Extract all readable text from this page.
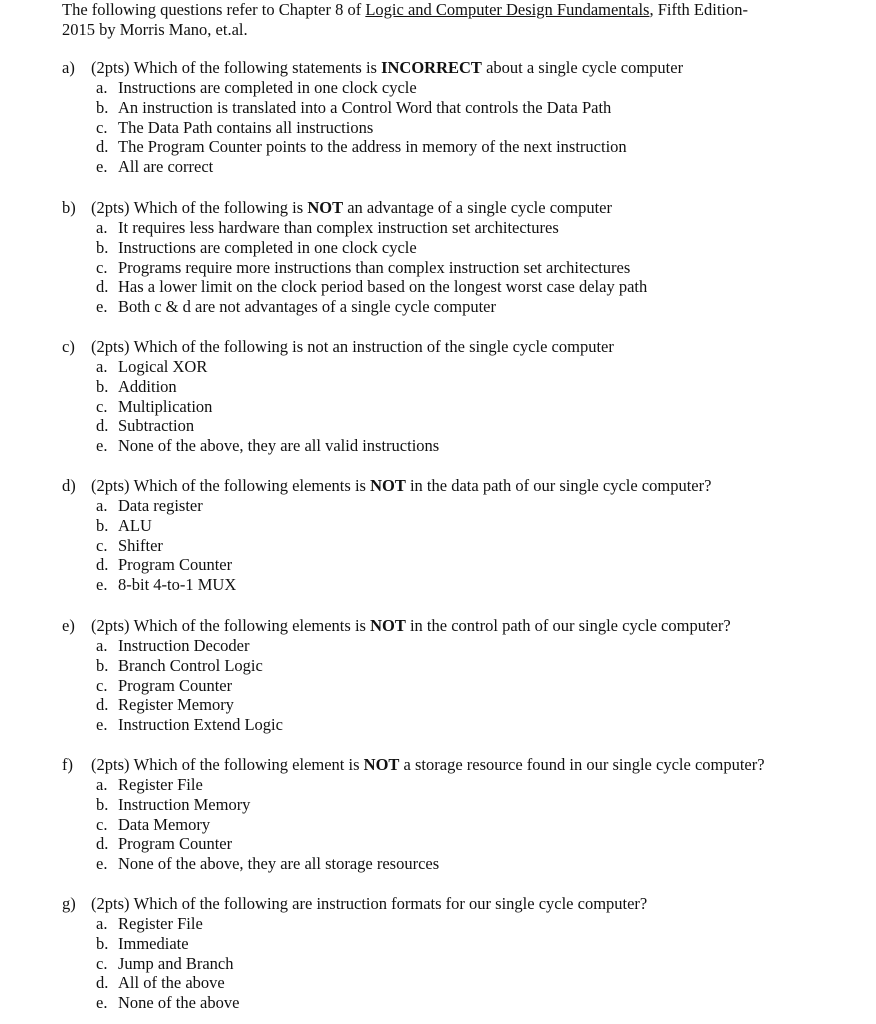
The following questions refer to Chapter 8 of Logic and Computer Design Fundamentals, Fifth Edition-
2015 by Morris Mano, et.al.
a) (2pts) Which of the following statements is INCORRECT about a single cycle computer
a. Instructions are completed in one clock cycle
b. An instruction is translated into a Control Word that controls the Data Path
c. The Data Path contains all instructions
d. The Program Counter points to the address in memory of the next instruction
e. All are correct
b) (2pts) Which of the following is NOT an advantage of a single cycle computer
a. It requires less hardware than complex instruction set architectures
b. Instructions are completed in one clock cycle
c. Programs require more instructions than complex instruction set architectures
d. Has a lower limit on the clock period based on the longest worst case delay path
e. Both c & d are not advantages of a single cycle computer
c) (2pts) Which of the following is not an instruction of the single cycle computer
a. Logical XOR
b. Addition
c. Multiplication
d. Subtraction
e. None of the above, they are all valid instructions
d) (2pts) Which of the following elements is NOT in the data path of our single cycle computer?
a. Data register
b. ALU
c. Shifter
d. Program Counter
e. 8-bit 4-to-1 MUX
e) (2pts) Which of the following elements is NOT in the control path of our single cycle computer?
a. Instruction Decoder
b. Branch Control Logic
c. Program Counter
d. Register Memory
e. Instruction Extend Logic
f)	(2pts) Which of the following element is NOT a storage resource found in our single cycle computer?
a. Register File
b. Instruction Memory
c. Data Memory
d. Program Counter
e. None of the above, they are all storage resources
g) (2pts) Which of the following are instruction formats for our single cycle computer?
a. Register File
b. Immediate
c. Jump and Branch
d. All of the above
e. None of the above
